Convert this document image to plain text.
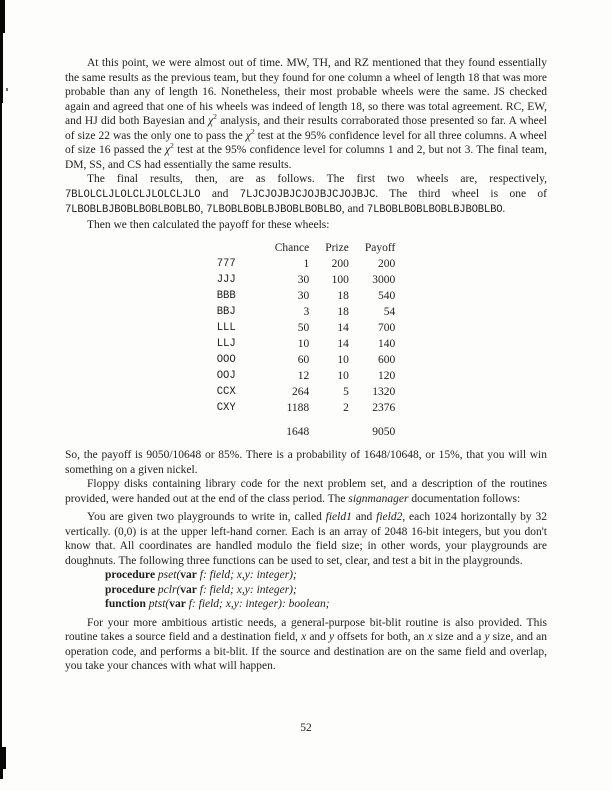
At this point, we were almost out of time. MW, TH, and RZ mentioned that they found essentially the same results as the previous team, but they found for one column a wheel of length 18 that was more probable than any of length 16. Nonetheless, their most probable wheels were the same. JS checked again and agreed that one of his wheels was indeed of length 18, so there was total agreement. RC, EW, and HJ did both Bayesian and $\chi^2$ analysis, and their results corraborated those presented so far. A wheel of size 22 was the only one to pass the $\chi^2$ test at the 95% confidence level for all three columns. A wheel of size 16 passed the $\chi^2$ test at the 95% confidence level for columns 1 and 2, but not 3. The final team, DM, SS, and CS had essentially the same results.

The final results, then, are as follows. The first two wheels are, respectively, 7BLOLCLJLOLCLJLOLCLJLO and 7LJCJOJBJCJOJBJCJOJBJC. The third wheel is one of 7LBOBLBJBOBLBOBLBOBLBO, 7LBOBLBOBLBJBOBLBOBLBO, and 7LBOBLBOBLBOBLBJBOBLBO.

Then we then calculated the payoff for these wheels:

	Chance	Prize	Payoff
777	1	200	200
JJJ	30	100	3000
BBB	30	18	540
BBJ	3	18	54
LLL	50	14	700
LLJ	10	14	140
OOO	60	10	600
OOJ	12	10	120
CCX	264	5	1320
CXY	1188	2	2376
	1648		9050

So, the payoff is 9050/10648 or 85%. There is a probability of 1648/10648, or 15%, that you will win something on a given nickel.

Floppy disks containing library code for the next problem set, and a description of the routines provided, were handed out at the end of the class period. The signmanager documentation follows:

You are given two playgrounds to write in, called field1 and field2, each 1024 horizontally by 32 vertically. (0,0) is at the upper left-hand corner. Each is an array of 2048 16-bit integers, but you don't know that. All coordinates are handled modulo the field size; in other words, your playgrounds are doughnuts. The following three functions can be used to set, clear, and test a bit in the playgrounds.

procedure pset(var f: field; x,y: integer);
procedure pclr(var f: field; x,y: integer);
function ptst(var f: field; x,y: integer): boolean;

For your more ambitious artistic needs, a general-purpose bit-blit routine is also provided. This routine takes a source field and a destination field, x and y offsets for both, an x size and a y size, and an operation code, and performs a bit-blit. If the source and destination are on the same field and overlap, you take your chances with what will happen.

52
